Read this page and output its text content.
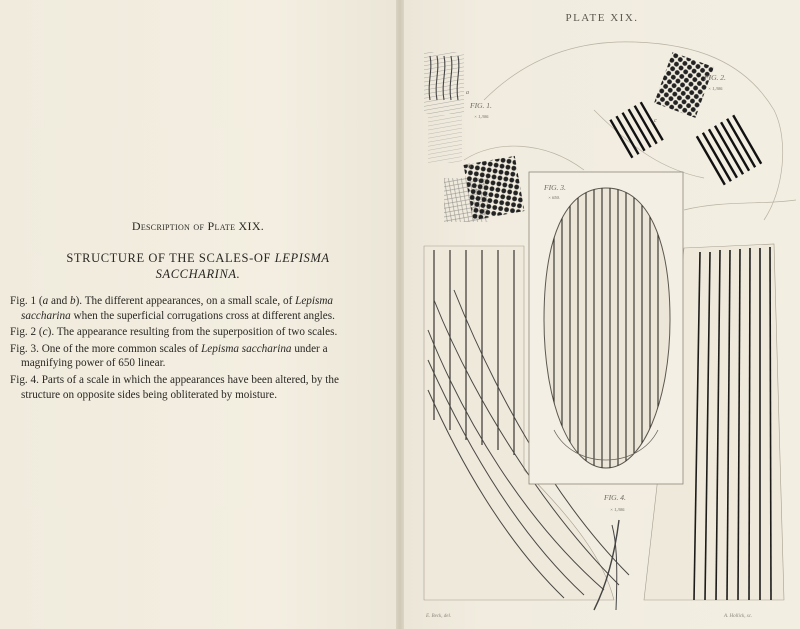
Description of Plate XIX.
STRUCTURE OF THE SCALES-OF LEPISMA
SACCHARINA.
Fig. 1 (a and b). The different appearances, on a small scale, of Lepisma saccharina when the superficial corrugations cross at different angles.
Fig. 2 (c). The appearance resulting from the superposition of two scales.
Fig. 3. One of the more common scales of Lepisma saccharina under a magnifying power of 650 linear.
Fig. 4. Parts of a scale in which the appearances have been altered, by the structure on opposite sides being obliterated by moisture.
PLATE XIX.
a
FIG. 1.
× 1,300.
b
FIG. 2.
× 1,300.
c
FIG. 3.
× 650.
FIG. 4.
× 1,300.
E. Beck, del.	A. Hollick, sc.
